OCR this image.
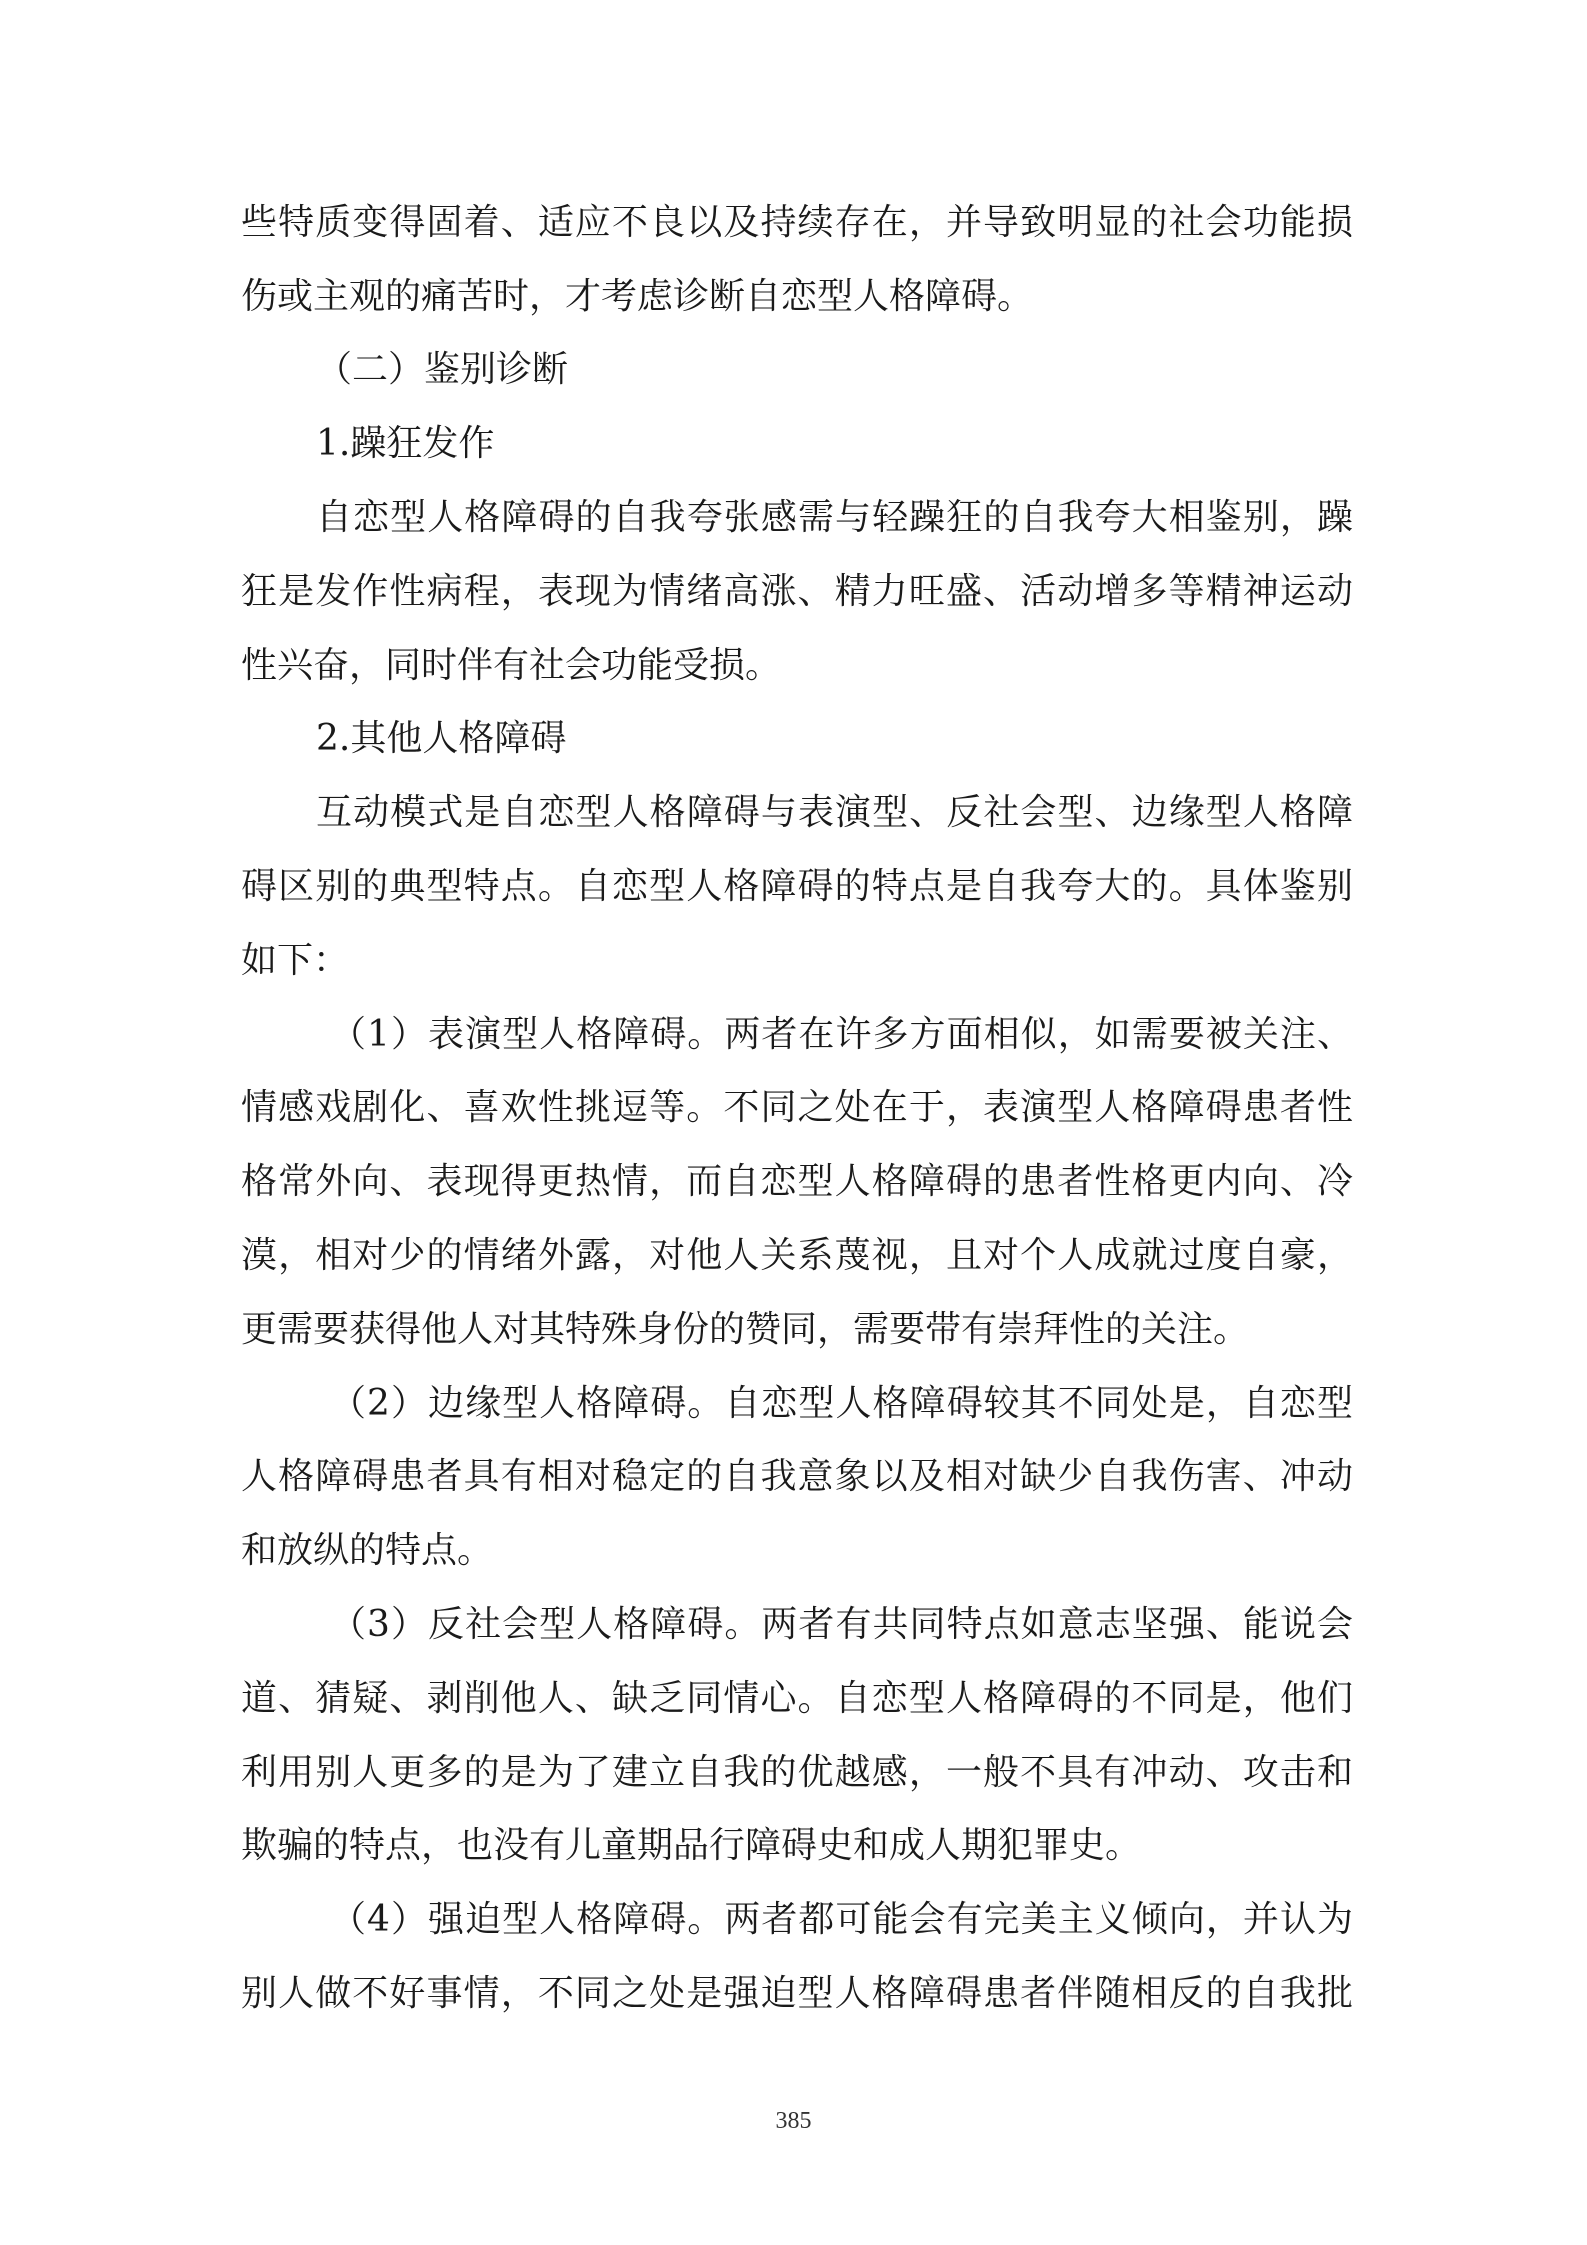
些特质变得固着、适应不良以及持续存在，并导致明显的社会功能损
伤或主观的痛苦时，才考虑诊断自恋型人格障碍。
（二）鉴别诊断
1.躁狂发作
自恋型人格障碍的自我夸张感需与轻躁狂的自我夸大相鉴别，躁
狂是发作性病程，表现为情绪高涨、精力旺盛、活动增多等精神运动
性兴奋，同时伴有社会功能受损。
2.其他人格障碍
互动模式是自恋型人格障碍与表演型、反社会型、边缘型人格障
碍区别的典型特点。自恋型人格障碍的特点是自我夸大的。具体鉴别
如下：
（1）表演型人格障碍。两者在许多方面相似，如需要被关注、
情感戏剧化、喜欢性挑逗等。不同之处在于，表演型人格障碍患者性
格常外向、表现得更热情，而自恋型人格障碍的患者性格更内向、冷
漠，相对少的情绪外露，对他人关系蔑视，且对个人成就过度自豪，
更需要获得他人对其特殊身份的赞同，需要带有崇拜性的关注。
（2）边缘型人格障碍。自恋型人格障碍较其不同处是，自恋型
人格障碍患者具有相对稳定的自我意象以及相对缺少自我伤害、冲动
和放纵的特点。
（3）反社会型人格障碍。两者有共同特点如意志坚强、能说会
道、猜疑、剥削他人、缺乏同情心。自恋型人格障碍的不同是，他们
利用别人更多的是为了建立自我的优越感，一般不具有冲动、攻击和
欺骗的特点，也没有儿童期品行障碍史和成人期犯罪史。
（4）强迫型人格障碍。两者都可能会有完美主义倾向，并认为
别人做不好事情，不同之处是强迫型人格障碍患者伴随相反的自我批
385
